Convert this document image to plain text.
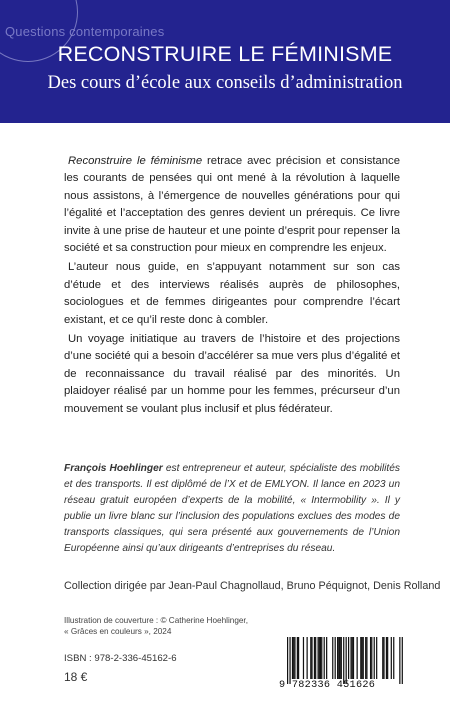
Questions contemporaines
RECONSTRUIRE LE FÉMINISME
Des cours d’école aux conseils d’administration

Reconstruire le féminisme retrace avec précision et consistance les courants de pensées qui ont mené à la révolution à laquelle nous assistons, à l’émergence de nouvelles générations pour qui l’égalité et l’acceptation des genres devient un prérequis. Ce livre invite à une prise de hauteur et une pointe d’esprit pour repenser la société et sa construction pour mieux en comprendre les enjeux.

L’auteur nous guide, en s’appuyant notamment sur son cas d’étude et des interviews réalisés auprès de philosophes, sociologues et de femmes dirigeantes pour comprendre l’écart existant, et ce qu’il reste donc à combler.

Un voyage initiatique au travers de l’histoire et des projections d’une société qui a besoin d’accélérer sa mue vers plus d’égalité et de reconnaissance du travail réalisé par des minorités. Un plaidoyer réalisé par un homme pour les femmes, précurseur d’un mouvement se voulant plus inclusif et plus fédérateur.

François Hoehlinger est entrepreneur et auteur, spécialiste des mobilités et des transports. Il est diplômé de l’X et de EMLYON. Il lance en 2023 un réseau gratuit européen d’experts de la mobilité, « Intermobility ». Il y publie un livre blanc sur l’inclusion des populations exclues des modes de transports classiques, qui sera présenté aux gouvernements de l’Union Européenne ainsi qu’aux dirigeants d’entreprises du réseau.

Collection dirigée par Jean-Paul Chagnollaud, Bruno Péquignot, Denis Rolland
Illustration de couverture : © Catherine Hoehlinger,
« Grâces en couleurs », 2024
ISBN : 978-2-336-45162-6
18 €
9 782336 451626
